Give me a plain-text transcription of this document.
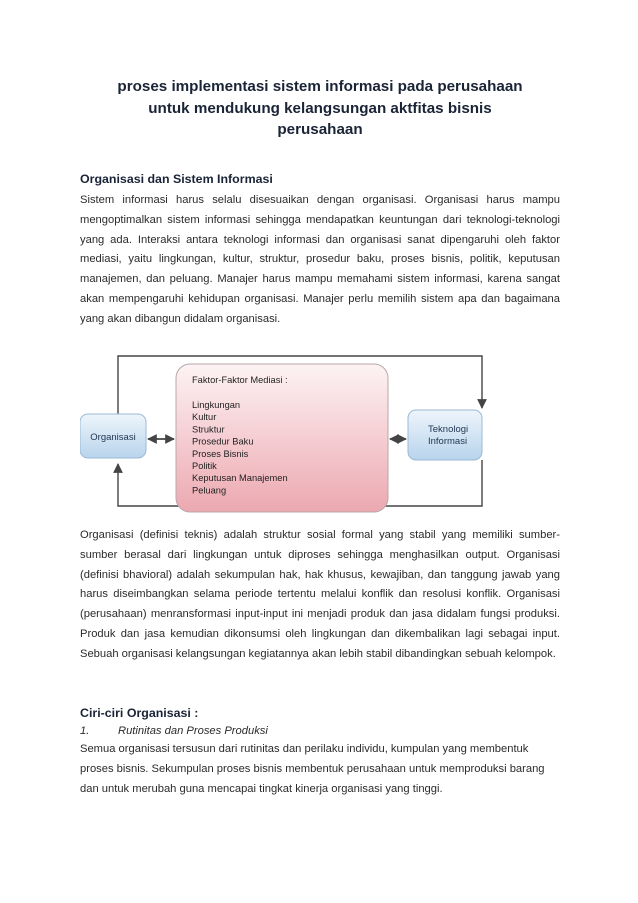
proses implementasi sistem informasi pada perusahaan
untuk mendukung kelangsungan aktfitas bisnis
perusahaan
Organisasi dan Sistem Informasi

Sistem informasi harus selalu disesuaikan dengan organisasi. Organisasi harus mampu mengoptimalkan sistem informasi sehingga mendapatkan keuntungan dari teknologi-teknologi yang ada. Interaksi antara teknologi informasi dan organisasi sanat dipengaruhi oleh faktor mediasi, yaitu lingkungan, kultur, struktur, prosedur baku, proses bisnis, politik, keputusan manajemen, dan peluang. Manajer harus mampu memahami sistem informasi, karena sangat akan mempengaruhi kehidupan organisasi. Manajer perlu memilih sistem apa dan bagaimana yang akan dibangun didalam organisasi.

Organisasi
Teknologi
Informasi
Faktor-Faktor Mediasi :
Lingkungan
Kultur
Struktur
Prosedur Baku
Proses Bisnis
Politik
Keputusan Manajemen
Peluang

Organisasi (definisi teknis) adalah struktur sosial formal yang stabil yang memiliki sumber-sumber berasal dari lingkungan untuk diproses sehingga menghasilkan output. Organisasi (definisi bhavioral) adalah sekumpulan hak, hak khusus, kewajiban, dan tanggung jawab yang harus diseimbangkan selama periode tertentu melalui konflik dan resolusi konflik. Organisasi (perusahaan) menransformasi input-input ini menjadi produk dan jasa didalam fungsi produksi. Produk dan jasa kemudian dikonsumsi oleh lingkungan dan dikembalikan lagi sebagai input. Sebuah organisasi kelangsungan kegiatannya akan lebih stabil dibandingkan sebuah kelompok.

Ciri-ciri Organisasi :
1.	Rutinitas dan Proses Produksi

Semua organisasi tersusun dari rutinitas dan perilaku individu, kumpulan yang membentuk proses bisnis. Sekumpulan proses bisnis membentuk perusahaan untuk memproduksi barang dan untuk merubah guna mencapai tingkat kinerja organisasi yang tinggi.
